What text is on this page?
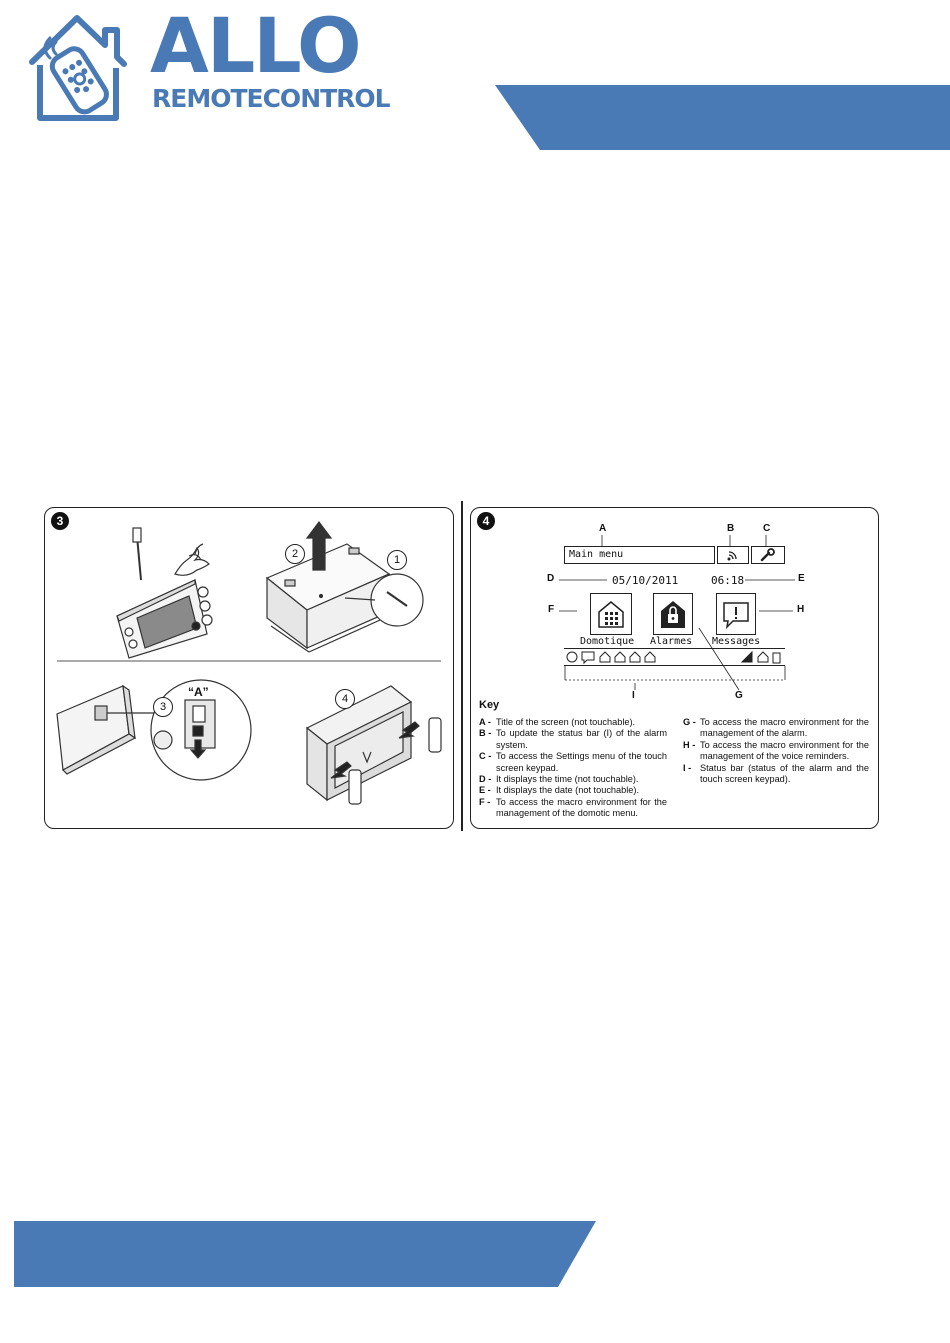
ALLO
REMOTECONTROL
3
1
2
3
4
“A”
4
A	B	C
D	E
F	H
G
I
Main menu
05/10/2011	06:18
Domotique Alarmes Messages
Key
A - Title of the screen (not touchable).
B - To update the status bar (I) of the alarm system.
C - To access the Settings menu of the touch screen keypad.
D - It displays the time (not touchable).
E - It displays the date (not touchable).
F - To access the macro environment for the management of the domotic menu.
G - To access the macro environment for the management of the alarm.
H - To access the macro environment for the management of the voice reminders.
I - Status bar (status of the alarm and the touch screen keypad).
